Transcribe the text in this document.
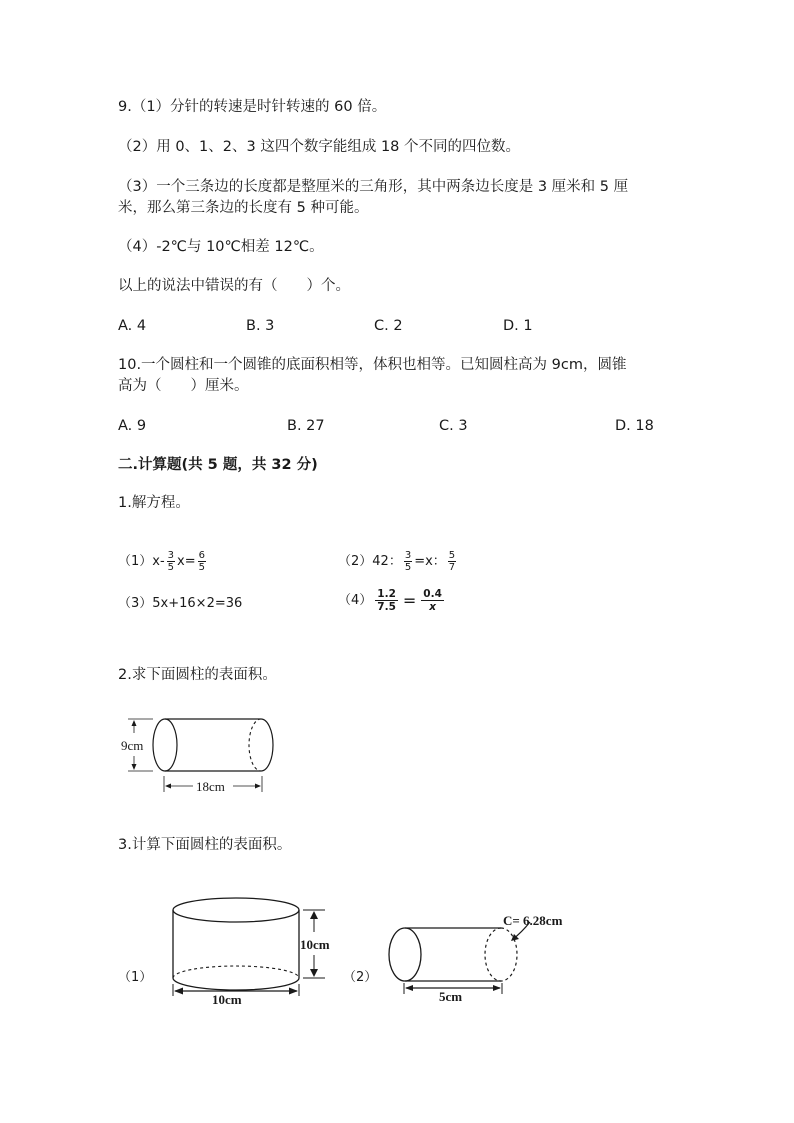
9.（1）分针的转速是时针转速的 60 倍。
（2）用 0、1、2、3 这四个数字能组成 18 个不同的四位数。
（3）一个三条边的长度都是整厘米的三角形，其中两条边长度是 3 厘米和 5 厘
米，那么第三条边的长度有 5 种可能。
（4）-2℃与 10℃相差 12℃。
以上的说法中错误的有（　　）个。
A. 4	B. 3	C. 2	D. 1
10.一个圆柱和一个圆锥的底面积相等，体积也相等。已知圆柱高为 9cm，圆锥
高为（　　）厘米。
A. 9	B. 27	C. 3	D. 18
二.计算题(共 5 题，共 32 分)
1.解方程。
$(1)x- \frac{3}{5} x= \frac{6}{5}$	（2）42： $\frac{3}{5} =x$： $\frac{5}{7}$
（3）5x+16×2=36	$(4) \frac{1.2}{7.5} = \frac{0.4}{x}$
2.求下面圆柱的表面积。
9cm
18cm
3.计算下面圆柱的表面积。
（1）	（2）
10cm
10cm
C= 6.28cm
5cm
